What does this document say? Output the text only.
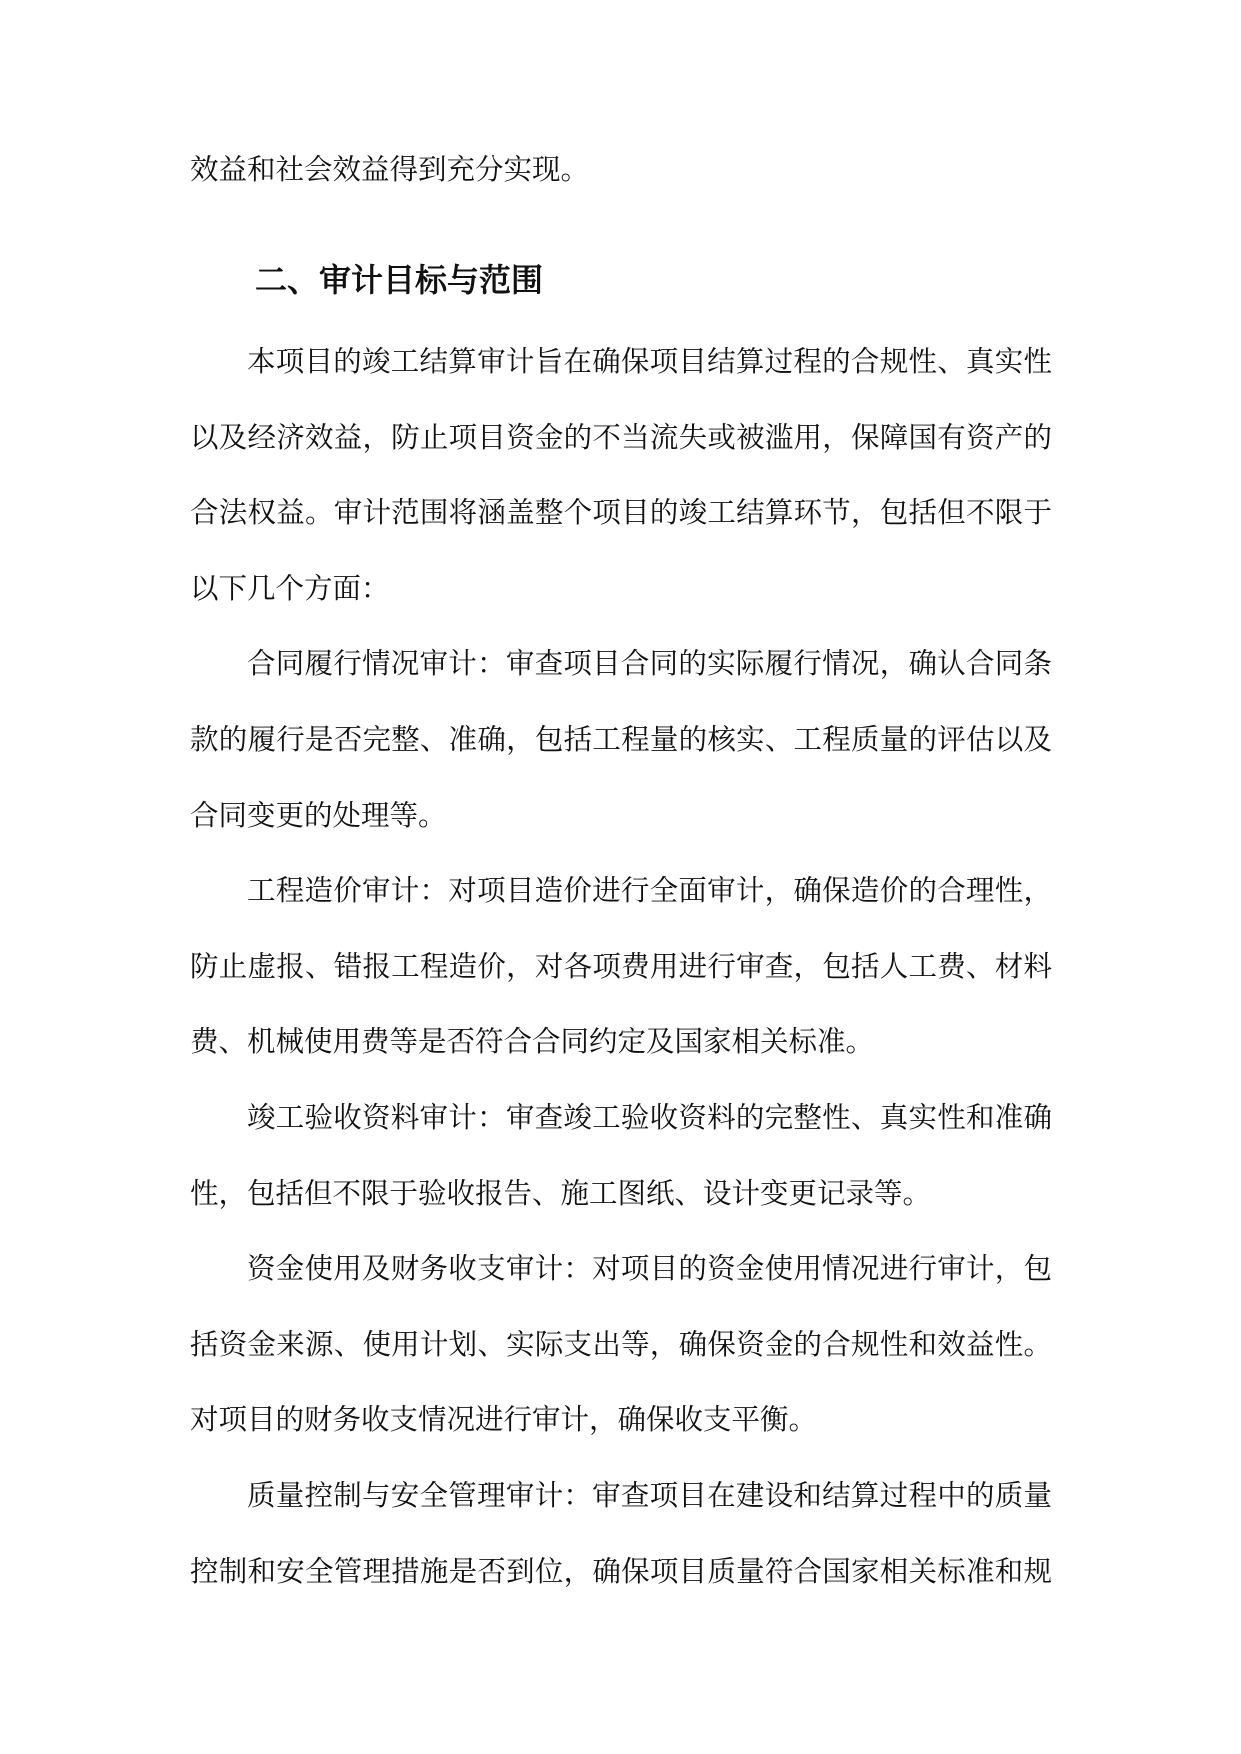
效益和社会效益得到充分实现。
二、审计目标与范围
本项目的竣工结算审计旨在确保项目结算过程的合规性、真实性
以及经济效益，防止项目资金的不当流失或被滥用，保障国有资产的
合法权益。审计范围将涵盖整个项目的竣工结算环节，包括但不限于
以下几个方面：
合同履行情况审计：审查项目合同的实际履行情况，确认合同条
款的履行是否完整、准确，包括工程量的核实、工程质量的评估以及
合同变更的处理等。
工程造价审计：对项目造价进行全面审计，确保造价的合理性，
防止虚报、错报工程造价，对各项费用进行审查，包括人工费、材料
费、机械使用费等是否符合合同约定及国家相关标准。
竣工验收资料审计：审查竣工验收资料的完整性、真实性和准确
性，包括但不限于验收报告、施工图纸、设计变更记录等。
资金使用及财务收支审计：对项目的资金使用情况进行审计，包
括资金来源、使用计划、实际支出等，确保资金的合规性和效益性。
对项目的财务收支情况进行审计，确保收支平衡。
质量控制与安全管理审计：审查项目在建设和结算过程中的质量
控制和安全管理措施是否到位，确保项目质量符合国家相关标准和规
